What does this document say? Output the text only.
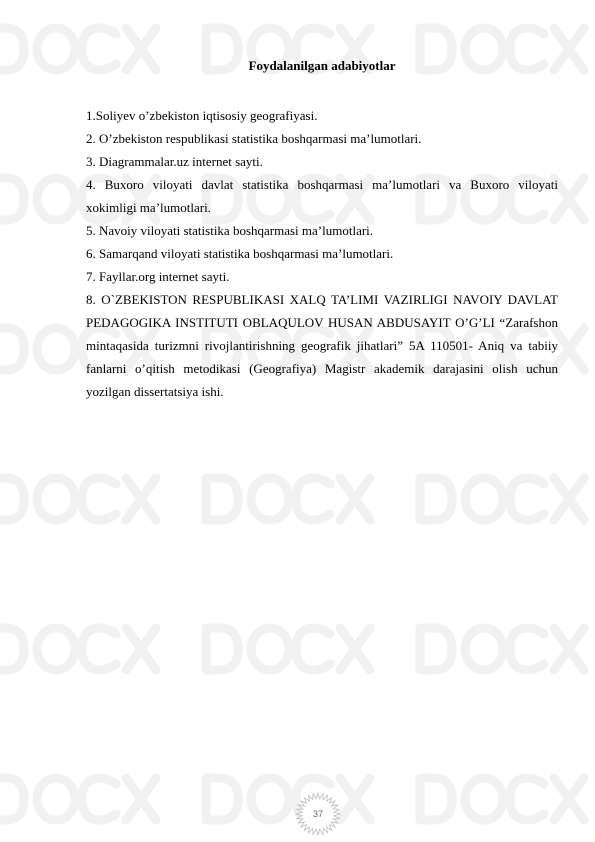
Foydalanilgan adabiyotlar
1.Soliyev o’zbekiston iqtisosiy geografiyasi.
2. O’zbekiston respublikasi statistika boshqarmasi ma’lumotlari.
3. Diagrammalar.uz internet sayti.
4. Buxoro viloyati davlat statistika boshqarmasi ma’lumotlari va Buxoro viloyati xokimligi ma’lumotlari.
5. Navoiy viloyati statistika boshqarmasi ma’lumotlari.
6. Samarqand viloyati statistika boshqarmasi ma’lumotlari.
7. Fayllar.org internet sayti.
8. O`ZBEKISTON RESPUBLIKASI XALQ TA’LIMI VAZIRLIGI NAVOIY DAVLAT PEDAGOGIKA INSTITUTI OBLAQULOV HUSAN ABDUSAYIT O’G’LI “Zarafshon mintaqasida turizmni rivojlantirishning geografik jihatlari” 5A 110501- Aniq va tabiiy fanlarni o’qitish metodikasi (Geografiya) Magistr akademik darajasini olish uchun yozilgan dissertatsiya ishi.
37
